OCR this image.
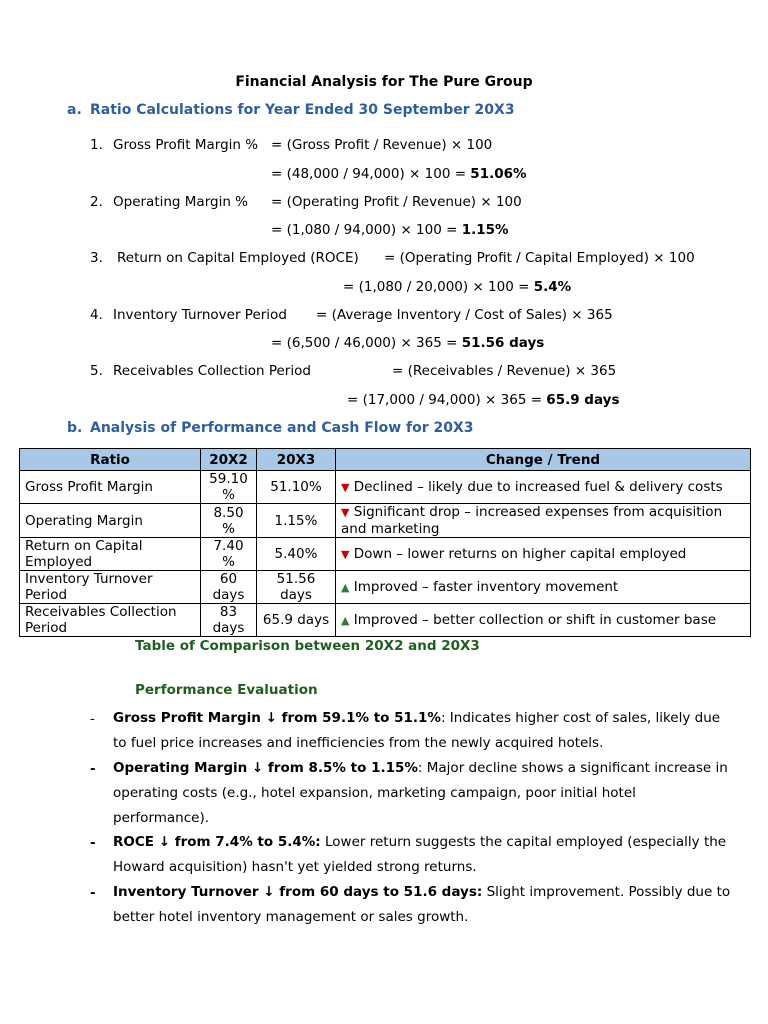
Financial Analysis for The Pure Group
a. Ratio Calculations for Year Ended 30 September 20X3
1. Gross Profit Margin % = (Gross Profit / Revenue) × 100
= (48,000 / 94,000) × 100 = 51.06%
2. Operating Margin % = (Operating Profit / Revenue) × 100
= (1,080 / 94,000) × 100 = 1.15%
3. Return on Capital Employed (ROCE) = (Operating Profit / Capital Employed) × 100
= (1,080 / 20,000) × 100 = 5.4%
4. Inventory Turnover Period = (Average Inventory / Cost of Sales) × 365
= (6,500 / 46,000) × 365 = 51.56 days
5. Receivables Collection Period	= (Receivables / Revenue) × 365
= (17,000 / 94,000) × 365 = 65.9 days
b. Analysis of Performance and Cash Flow for 20X3
Ratio	20X2	20X3	Change / Trend
Gross Profit Margin	59.10 %	51.10%	▼ Declined – likely due to increased fuel & delivery costs
Operating Margin	8.50 %	1.15%	▼ Significant drop – increased expenses from acquisition and marketing
Return on Capital Employed	7.40 %	5.40%	▼ Down – lower returns on higher capital employed
Inventory Turnover Period	60 days	51.56 days	▲ Improved – faster inventory movement
Receivables Collection Period	83 days	65.9 days	▲ Improved – better collection or shift in customer base
Table of Comparison between 20X2 and 20X3
Performance Evaluation
- Gross Profit Margin ↓ from 59.1% to 51.1%: Indicates higher cost of sales, likely due to fuel price increases and inefficiencies from the newly acquired hotels.
- Operating Margin ↓ from 8.5% to 1.15%: Major decline shows a significant increase in operating costs (e.g., hotel expansion, marketing campaign, poor initial hotel performance).
- ROCE ↓ from 7.4% to 5.4%: Lower return suggests the capital employed (especially the Howard acquisition) hasn't yet yielded strong returns.
- Inventory Turnover ↓ from 60 days to 51.6 days: Slight improvement. Possibly due to better hotel inventory management or sales growth.
